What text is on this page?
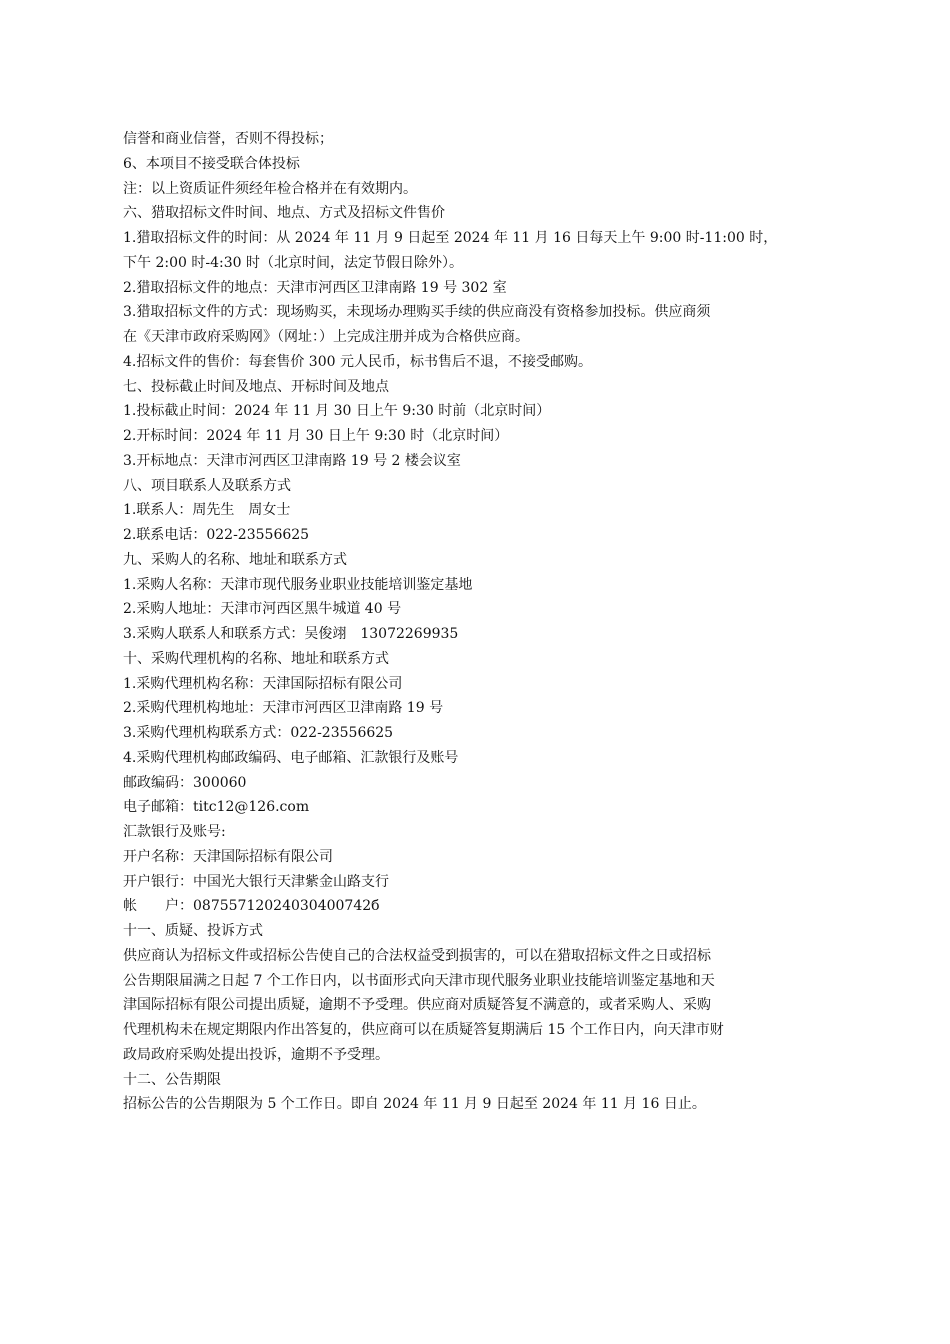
信誉和商业信誉，否则不得投标；
6、本项目不接受联合体投标
注：以上资质证件须经年检合格并在有效期内。
六、猎取招标文件时间、地点、方式及招标文件售价
1.猎取招标文件的时间：从 2024 年 11 月 9 日起至 2024 年 11 月 16 日每天上午 9:00 时-11:00 时，
下午 2:00 时-4:30 时（北京时间，法定节假日除外）。
2.猎取招标文件的地点：天津市河西区卫津南路 19 号 302 室
3.猎取招标文件的方式：现场购买，未现场办理购买手续的供应商没有资格参加投标。供应商须
在《天津市政府采购网》（网址：）上完成注册并成为合格供应商。
4.招标文件的售价：每套售价 300 元人民币，标书售后不退，不接受邮购。
七、投标截止时间及地点、开标时间及地点
1.投标截止时间：2024 年 11 月 30 日上午 9:30 时前（北京时间）
2.开标时间：2024 年 11 月 30 日上午 9:30 时（北京时间）
3.开标地点：天津市河西区卫津南路 19 号 2 楼会议室
八、项目联系人及联系方式
1.联系人：周先生　周女士
2.联系电话：022-23556625
九、采购人的名称、地址和联系方式
1.采购人名称：天津市现代服务业职业技能培训鉴定基地
2.采购人地址：天津市河西区黑牛城道 40 号
3.采购人联系人和联系方式：吴俊翊　13072269935
十、采购代理机构的名称、地址和联系方式
1.采购代理机构名称：天津国际招标有限公司
2.采购代理机构地址：天津市河西区卫津南路 19 号
3.采购代理机构联系方式：022-23556625
4.采购代理机构邮政编码、电子邮箱、汇款银行及账号
邮政编码：300060
电子邮箱：titc12@126.com
汇款银行及账号:
开户名称：天津国际招标有限公司
开户银行：中国光大银行天津紫金山路支行
帐　　户：08755712024030400742б
十一、质疑、投诉方式
供应商认为招标文件或招标公告使自己的合法权益受到损害的，可以在猎取招标文件之日或招标
公告期限届满之日起 7 个工作日内，以书面形式向天津市现代服务业职业技能培训鉴定基地和天
津国际招标有限公司提出质疑，逾期不予受理。供应商对质疑答复不满意的，或者采购人、采购
代理机构未在规定期限内作出答复的，供应商可以在质疑答复期满后 15 个工作日内，向天津市财
政局政府采购处提出投诉，逾期不予受理。
十二、公告期限
招标公告的公告期限为 5 个工作日。即自 2024 年 11 月 9 日起至 2024 年 11 月 16 日止。
